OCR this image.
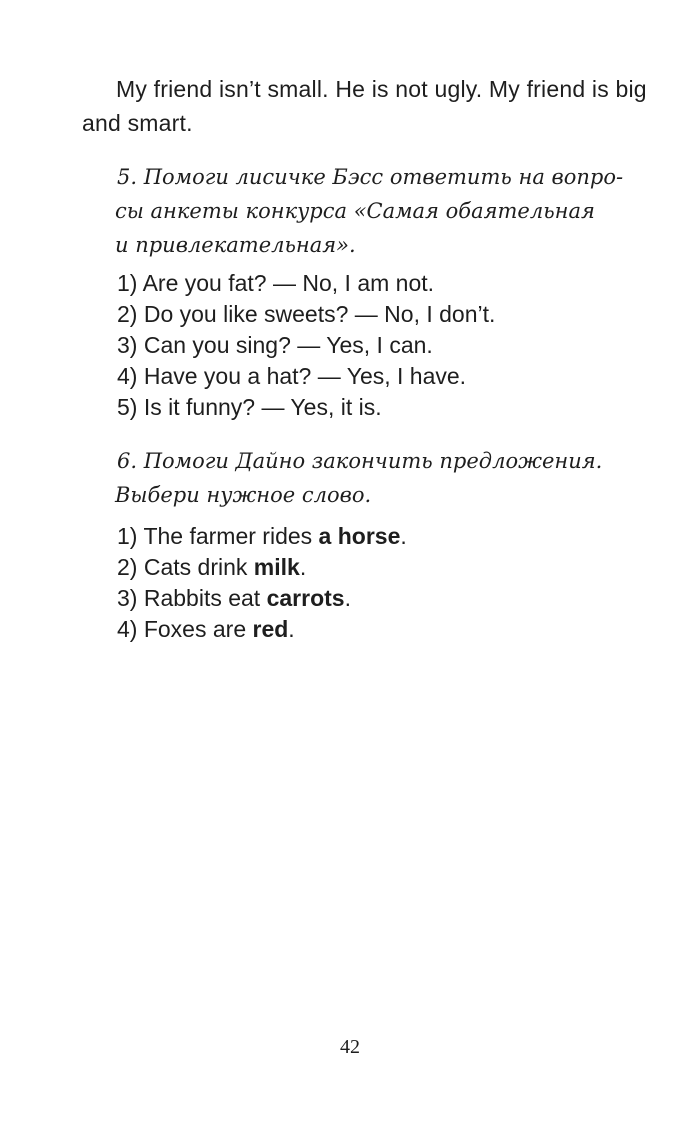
My friend isn’t small. He is not ugly. My friend is big and smart.

5. Помоги лисичке Бэсс ответить на вопро-
сы анкеты конкурса «Самая обаятельная
и привлекательная».

1) Are you fat? — No, I am not.
2) Do you like sweets? — No, I don’t.
3) Can you sing? — Yes, I can.
4) Have you a hat? — Yes, I have.
5) Is it funny? — Yes, it is.

6. Помоги Дайно закончить предложения.
Выбери нужное слово.

1) The farmer rides a horse.
2) Cats drink milk.
3) Rabbits eat carrots.
4) Foxes are red.
42
